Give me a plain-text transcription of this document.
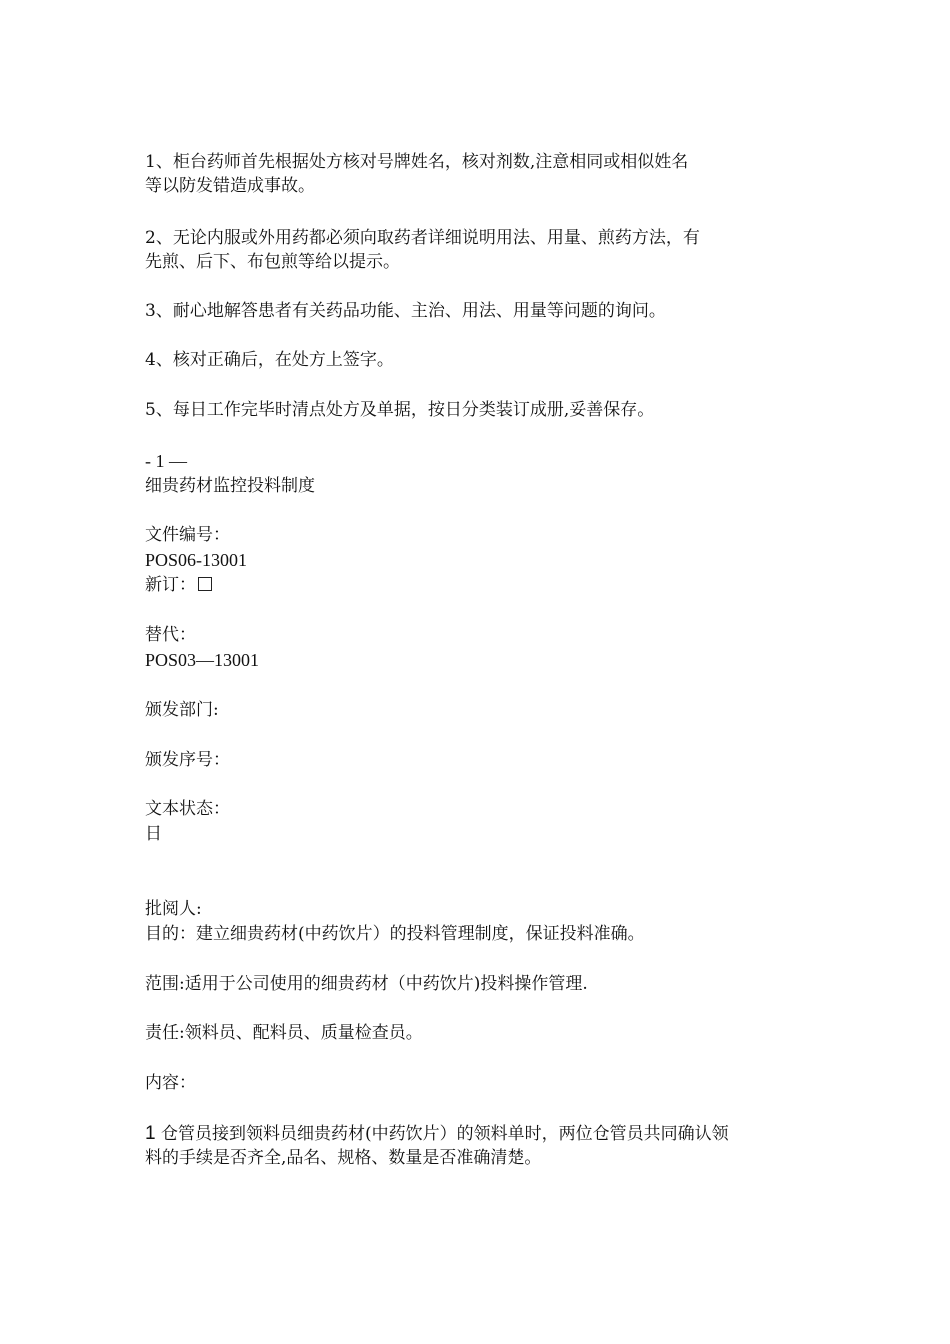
1、柜台药师首先根据处方核对号牌姓名，核对剂数,注意相同或相似姓名

等以防发错造成事故。

2、无论内服或外用药都必须向取药者详细说明用法、用量、煎药方法，有

先煎、后下、布包煎等给以提示。

3、耐心地解答患者有关药品功能、主治、用法、用量等问题的询问。

4、核对正确后，在处方上签字。

5、每日工作完毕时清点处方及单据，按日分类装订成册,妥善保存。

- 1 —

细贵药材监控投料制度

文件编号：

POS06-13001

新订：

替代：

POS03—13001

颁发部门:

颁发序号：

文本状态：

日

批阅人:

目的：建立细贵药材(中药饮片）的投料管理制度，保证投料准确。

范围:适用于公司使用的细贵药材（中药饮片)投料操作管理.

责任:领料员、配料员、质量检查员。

内容：

1 仓管员接到领料员细贵药材(中药饮片）的领料单时，两位仓管员共同确认领

料的手续是否齐全,品名、规格、数量是否准确清楚。
